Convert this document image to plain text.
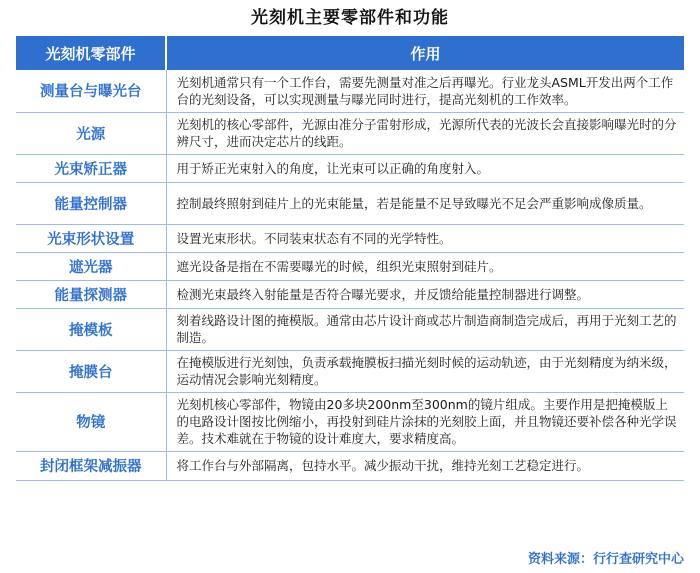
光刻机主要零部件和功能
光刻机零部件	作用
测量台与曝光台	光刻机通常只有一个工作台，需要先测量对准之后再曝光。行业龙头ASML开发出两个工作台的光刻设备，可以实现测量与曝光同时进行，提高光刻机的工作效率。
光源	光刻机的核心零部件，光源由准分子雷射形成，光源所代表的光波长会直接影响曝光时的分辨尺寸，进而决定芯片的线距。
光束矫正器	用于矫正光束射入的角度，让光束可以正确的角度射入。
能量控制器	控制最终照射到硅片上的光束能量，若是能量不足导致曝光不足会严重影响成像质量。
光束形状设置	设置光束形状。不同装束状态有不同的光学特性。
遮光器	遮光设备是指在不需要曝光的时候，组织光束照射到硅片。
能量探测器	检测光束最终入射能量是否符合曝光要求，并反馈给能量控制器进行调整。
掩模板	刻着线路设计图的掩模版。通常由芯片设计商或芯片制造商制造完成后，再用于光刻工艺的制造。
掩膜台	在掩模版进行光刻蚀，负责承载掩膜板扫描光刻时候的运动轨迹，由于光刻精度为纳米级，运动情况会影响光刻精度。
物镜	光刻机核心零部件，物镜由20多块200nm至300nm的镜片组成。主要作用是把掩模版上的电路设计图按比例缩小，再投射到硅片涂抹的光刻胶上面，并且物镜还要补偿各种光学误差。技术难就在于物镜的设计难度大，要求精度高。
封闭框架减振器	将工作台与外部隔离，包持水平。减少振动干扰，维持光刻工艺稳定进行。
资料来源：行行查研究中心
